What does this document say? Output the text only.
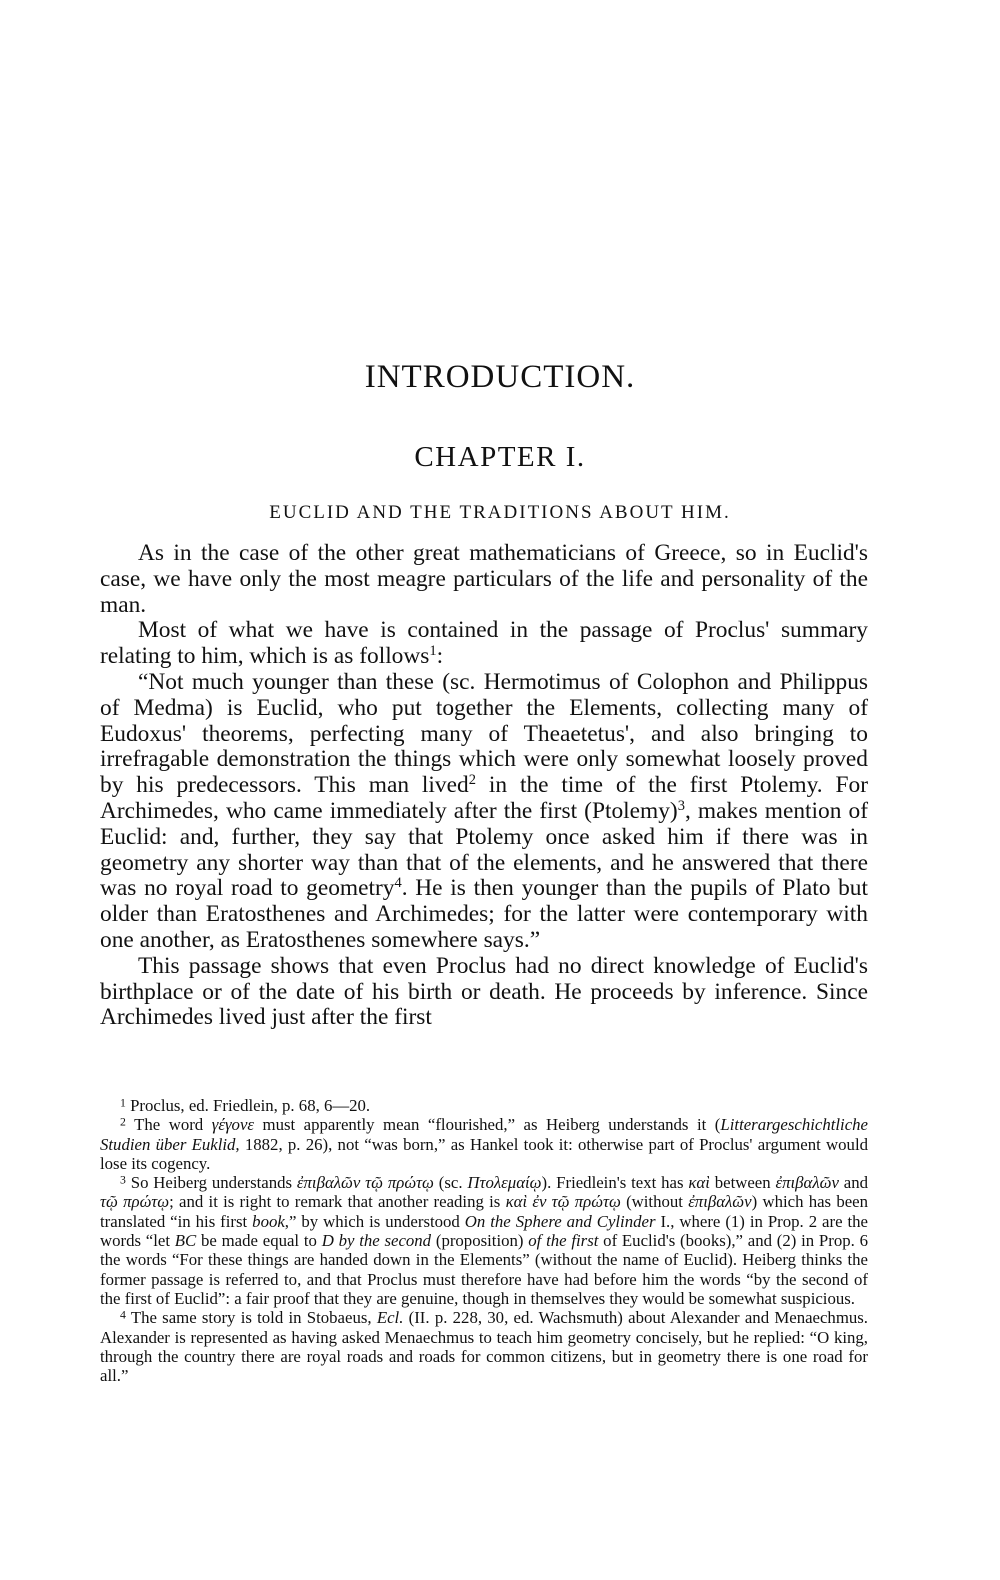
INTRODUCTION.
CHAPTER I.
EUCLID AND THE TRADITIONS ABOUT HIM.

As in the case of the other great mathematicians of Greece, so in Euclid's case, we have only the most meagre particulars of the life and personality of the man.

Most of what we have is contained in the passage of Proclus' summary relating to him, which is as follows$^1$:

“Not much younger than these (sc. Hermotimus of Colophon and Philippus of Medma) is Euclid, who put together the Elements, collecting many of Eudoxus' theorems, perfecting many of Theaetetus', and also bringing to irrefragable demonstration the things which were only somewhat loosely proved by his predecessors. This man lived$^2$ in the time of the first Ptolemy. For Archimedes, who came immediately after the first (Ptolemy)$^3$, makes mention of Euclid: and, further, they say that Ptolemy once asked him if there was in geometry any shorter way than that of the elements, and he answered that there was no royal road to geometry$^4$. He is then younger than the pupils of Plato but older than Eratosthenes and Archimedes; for the latter were contemporary with one another, as Eratosthenes somewhere says.”

This passage shows that even Proclus had no direct knowledge of Euclid's birthplace or of the date of his birth or death. He proceeds by inference. Since Archimedes lived just after the first

$^1$ Proclus, ed. Friedlein, p. 68, 6—20.

$^2$ The word γέγονε must apparently mean “flourished,” as Heiberg understands it (Litterargeschichtliche Studien über Euklid, 1882, p. 26), not “was born,” as Hankel took it: otherwise part of Proclus' argument would lose its cogency.

$^3$ So Heiberg understands ἐπιβαλῶν τῷ πρώτῳ (sc. Πτολεμαίῳ). Friedlein's text has καὶ between ἐπιβαλῶν and τῷ πρώτῳ; and it is right to remark that another reading is καὶ ἐν τῷ πρώτῳ (without ἐπιβαλῶν) which has been translated “in his first book,” by which is understood On the Sphere and Cylinder I., where (1) in Prop. 2 are the words “let BC be made equal to D by the second (proposition) of the first of Euclid's (books),” and (2) in Prop. 6 the words “For these things are handed down in the Elements” (without the name of Euclid). Heiberg thinks the former passage is referred to, and that Proclus must therefore have had before him the words “by the second of the first of Euclid”: a fair proof that they are genuine, though in themselves they would be somewhat suspicious.

$^4$ The same story is told in Stobaeus, Ecl. (II. p. 228, 30, ed. Wachsmuth) about Alexander and Menaechmus. Alexander is represented as having asked Menaechmus to teach him geometry concisely, but he replied: “O king, through the country there are royal roads and roads for common citizens, but in geometry there is one road for all.”
